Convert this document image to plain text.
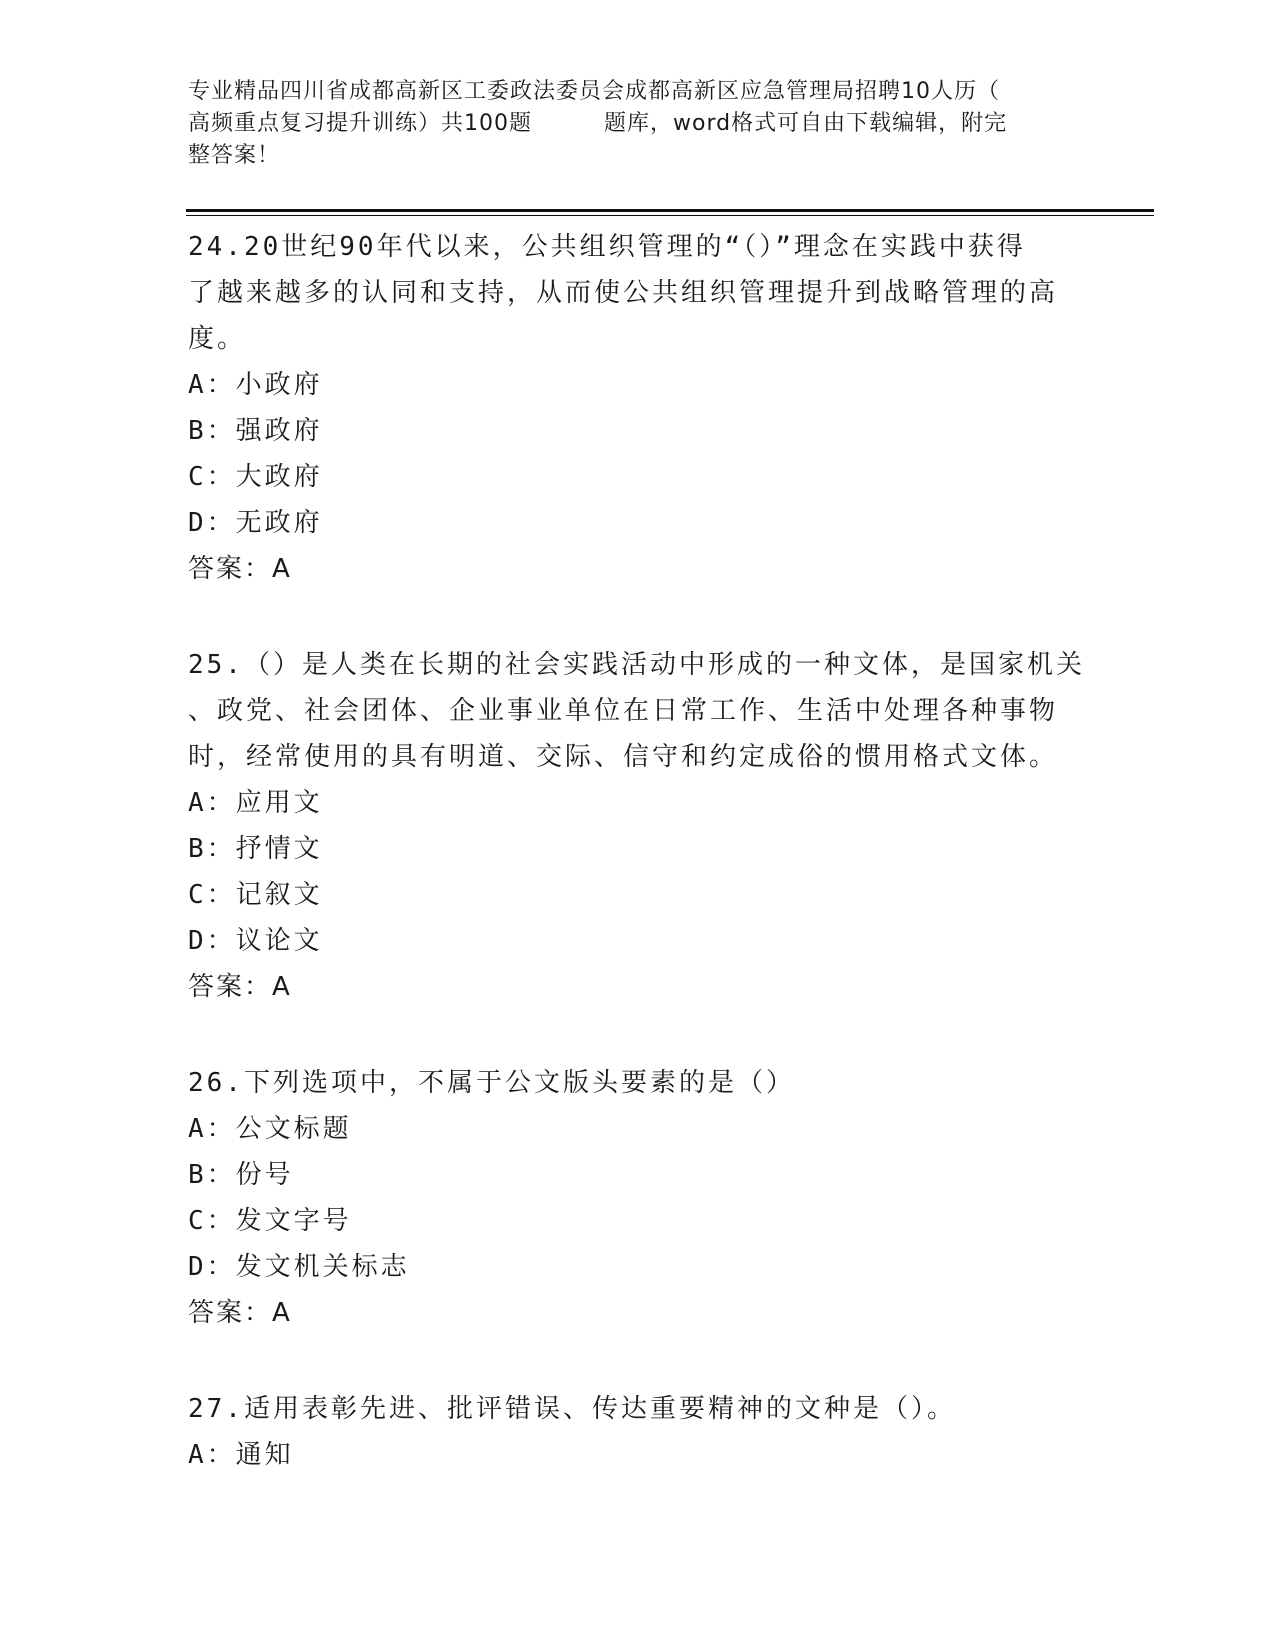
专业精品四川省成都高新区工委政法委员会成都高新区应急管理局招聘10人历（
高频重点复习提升训练）共100题	题库，word格式可自由下载编辑，附完
整答案！

24.20世纪90年代以来，公共组织管理的“（）”理念在实践中获得

了越来越多的认同和支持，从而使公共组织管理提升到战略管理的高

度。

A：小政府

B：强政府

C：大政府

D：无政府

答案：A

25.（）是人类在长期的社会实践活动中形成的一种文体，是国家机关

、政党、社会团体、企业事业单位在日常工作、生活中处理各种事物

时，经常使用的具有明道、交际、信守和约定成俗的惯用格式文体。

A：应用文

B：抒情文

C：记叙文

D：议论文

答案：A

26.下列选项中，不属于公文版头要素的是（）

A：公文标题

B：份号

C：发文字号

D：发文机关标志

答案：A

27.适用表彰先进、批评错误、传达重要精神的文种是（）。

A：通知
